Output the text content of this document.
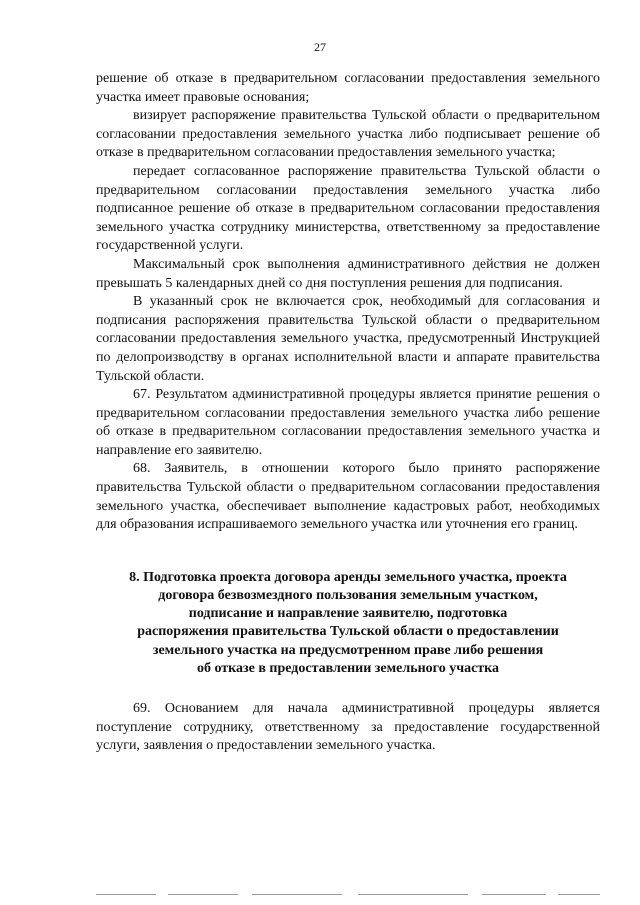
27

решение об отказе в предварительном согласовании предоставления земельного участка имеет правовые основания;

визирует распоряжение правительства Тульской области о предварительном согласовании предоставления земельного участка либо подписывает решение об отказе в предварительном согласовании предоставления земельного участка;

передает согласованное распоряжение правительства Тульской области о предварительном согласовании предоставления земельного участка либо подписанное решение об отказе в предварительном согласовании предоставления земельного участка сотруднику министерства, ответственному за предоставление государственной услуги.

Максимальный срок выполнения административного действия не должен превышать 5 календарных дней со дня поступления решения для подписания.

В указанный срок не включается срок, необходимый для согласования и подписания распоряжения правительства Тульской области о предварительном согласовании предоставления земельного участка, предусмотренный Инструкцией по делопроизводству в органах исполнительной власти и аппарате правительства Тульской области.

67. Результатом административной процедуры является принятие решения о предварительном согласовании предоставления земельного участка либо решение об отказе в предварительном согласовании предоставления земельного участка и направление его заявителю.

68. Заявитель, в отношении которого было принято распоряжение правительства Тульской области о предварительном согласовании предоставления земельного участка, обеспечивает выполнение кадастровых работ, необходимых для образования испрашиваемого земельного участка или уточнения его границ.

8. Подготовка проекта договора аренды земельного участка, проекта
договора безвозмездного пользования земельным участком,
подписание и направление заявителю, подготовка
распоряжения правительства Тульской области о предоставлении
земельного участка на предусмотренном праве либо решения
об отказе в предоставлении земельного участка

69. Основанием для начала административной процедуры является поступление сотруднику, ответственному за предоставление государственной услуги, заявления о предоставлении земельного участка.
